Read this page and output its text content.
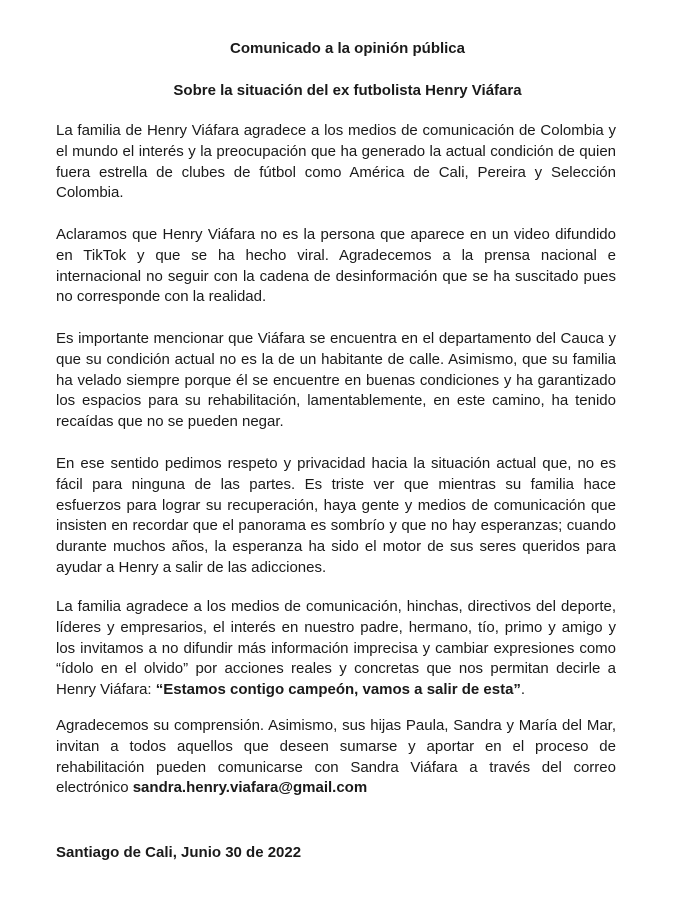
Comunicado a la opinión pública

Sobre la situación del ex futbolista Henry Viáfara

La familia de Henry Viáfara agradece a los medios de comunicación de Colombia y el mundo el interés y la preocupación que ha generado la actual condición de quien fuera estrella de clubes de fútbol como América de Cali, Pereira y Selección Colombia.

Aclaramos que Henry Viáfara no es la persona que aparece en un video difundido en TikTok y que se ha hecho viral. Agradecemos a la prensa nacional e internacional no seguir con la cadena de desinformación que se ha suscitado pues no corresponde con la realidad.

Es importante mencionar que Viáfara se encuentra en el departamento del Cauca y que su condición actual no es la de un habitante de calle. Asimismo, que su familia ha velado siempre porque él se encuentre en buenas condiciones y ha garantizado los espacios para su rehabilitación, lamentablemente, en este camino, ha tenido recaídas que no se pueden negar.

En ese sentido pedimos respeto y privacidad hacia la situación actual que, no es fácil para ninguna de las partes. Es triste ver que mientras su familia hace esfuerzos para lograr su recuperación, haya gente y medios de comunicación que insisten en recordar que el panorama es sombrío y que no hay esperanzas; cuando durante muchos años, la esperanza ha sido el motor de sus seres queridos para ayudar a Henry a salir de las adicciones.

La familia agradece a los medios de comunicación, hinchas, directivos del deporte, líderes y empresarios, el interés en nuestro padre, hermano, tío, primo y amigo y los invitamos a no difundir más información imprecisa y cambiar expresiones como “ídolo en el olvido” por acciones reales y concretas que nos permitan decirle a Henry Viáfara: “Estamos contigo campeón, vamos a salir de esta”.

Agradecemos su comprensión. Asimismo, sus hijas Paula, Sandra y María del Mar, invitan a todos aquellos que deseen sumarse y aportar en el proceso de rehabilitación pueden comunicarse con Sandra Viáfara a través del correo electrónico sandra.henry.viafara@gmail.com

Santiago de Cali, Junio 30 de 2022
